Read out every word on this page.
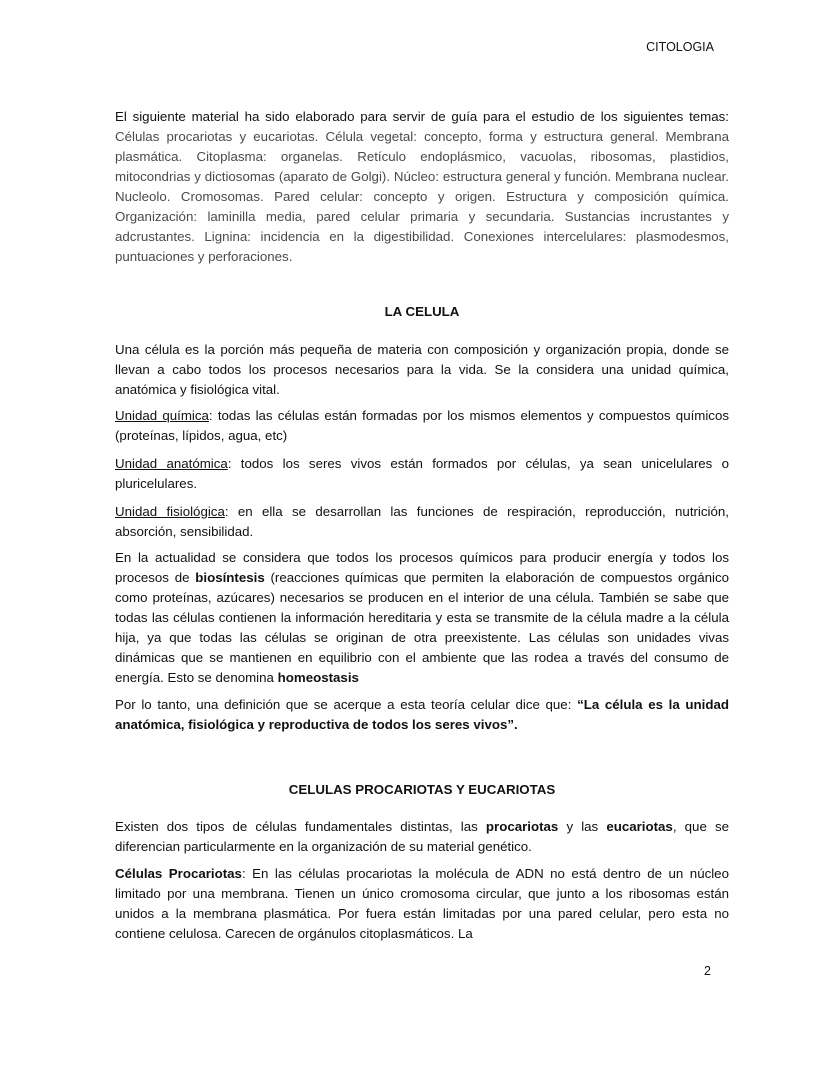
CITOLOGIA
El siguiente material ha sido elaborado para servir de guía para el estudio de los siguientes temas: Células procariotas y eucariotas. Célula vegetal: concepto, forma y estructura general. Membrana plasmática. Citoplasma: organelas. Retículo endoplásmico, vacuolas, ribosomas, plastidios, mitocondrias y dictiosomas (aparato de Golgi). Núcleo: estructura general y función. Membrana nuclear. Nucleolo. Cromosomas. Pared celular: concepto y origen. Estructura y composición química. Organización: laminilla media, pared celular primaria y secundaria. Sustancias incrustantes y adcrustantes. Lignina: incidencia en la digestibilidad. Conexiones intercelulares: plasmodesmos, puntuaciones y perforaciones.
LA CELULA
Una célula es la porción más pequeña de materia con composición y organización propia, donde se llevan a cabo todos los procesos necesarios para la vida. Se la considera una unidad química, anatómica y fisiológica vital.
Unidad química: todas las células están formadas por los mismos elementos y compuestos químicos (proteínas, lípidos, agua, etc)
Unidad anatómica: todos los seres vivos están formados por células, ya sean unicelulares o pluricelulares.
Unidad fisiológica: en ella se desarrollan las funciones de respiración, reproducción, nutrición, absorción, sensibilidad.
En la actualidad se considera que todos los procesos químicos para producir energía y todos los procesos de biosíntesis (reacciones químicas que permiten la elaboración de compuestos orgánico como proteínas, azúcares) necesarios se producen en el interior de una célula. También se sabe que todas las células contienen la información hereditaria y esta se transmite de la célula madre a la célula hija, ya que todas las células se originan de otra preexistente. Las células son unidades vivas dinámicas que se mantienen en equilibrio con el ambiente que las rodea a través del consumo de energía. Esto se denomina homeostasis
Por lo tanto, una definición que se acerque a esta teoría celular dice que: “La célula es la unidad anatómica, fisiológica y reproductiva de todos los seres vivos”.
CELULAS PROCARIOTAS Y EUCARIOTAS
Existen dos tipos de células fundamentales distintas, las procariotas y las eucariotas, que se diferencian particularmente en la organización de su material genético.
Células Procariotas: En las células procariotas la molécula de ADN no está dentro de un núcleo limitado por una membrana. Tienen un único cromosoma circular, que junto a los ribosomas están unidos a la membrana plasmática. Por fuera están limitadas por una pared celular, pero esta no contiene celulosa. Carecen de orgánulos citoplasmáticos. La
2
